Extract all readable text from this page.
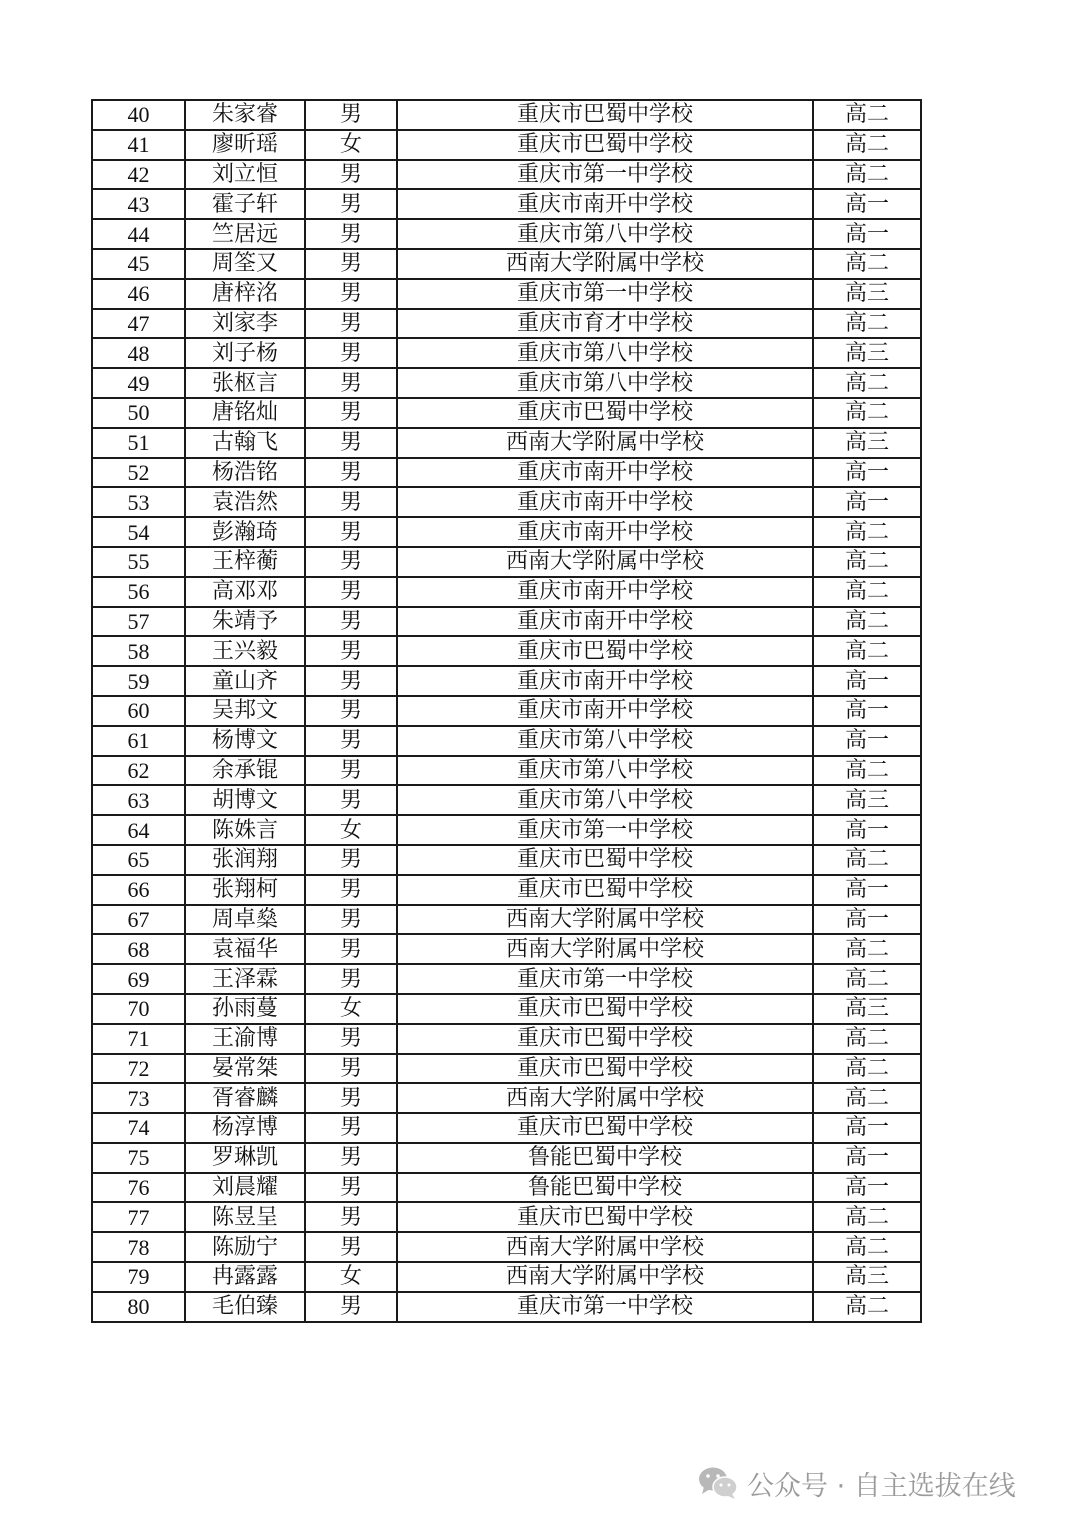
40	朱家睿	男	重庆市巴蜀中学校	高二
41	廖昕瑶	女	重庆市巴蜀中学校	高二
42	刘立恒	男	重庆市第一中学校	高二
43	霍子轩	男	重庆市南开中学校	高一
44	竺居远	男	重庆市第八中学校	高一
45	周筌又	男	西南大学附属中学校	高二
46	唐梓洺	男	重庆市第一中学校	高三
47	刘家李	男	重庆市育才中学校	高二
48	刘子杨	男	重庆市第八中学校	高三
49	张枢言	男	重庆市第八中学校	高二
50	唐铭灿	男	重庆市巴蜀中学校	高二
51	古翰飞	男	西南大学附属中学校	高三
52	杨浩铭	男	重庆市南开中学校	高一
53	袁浩然	男	重庆市南开中学校	高一
54	彭瀚琦	男	重庆市南开中学校	高二
55	王梓蘅	男	西南大学附属中学校	高二
56	高邓邓	男	重庆市南开中学校	高二
57	朱靖予	男	重庆市南开中学校	高二
58	王兴毅	男	重庆市巴蜀中学校	高二
59	童山齐	男	重庆市南开中学校	高一
60	吴邦文	男	重庆市南开中学校	高一
61	杨博文	男	重庆市第八中学校	高一
62	余承锟	男	重庆市第八中学校	高二
63	胡博文	男	重庆市第八中学校	高三
64	陈姝言	女	重庆市第一中学校	高一
65	张润翔	男	重庆市巴蜀中学校	高二
66	张翔柯	男	重庆市巴蜀中学校	高一
67	周卓燊	男	西南大学附属中学校	高一
68	袁福华	男	西南大学附属中学校	高二
69	王泽霖	男	重庆市第一中学校	高二
70	孙雨蔓	女	重庆市巴蜀中学校	高三
71	王渝博	男	重庆市巴蜀中学校	高二
72	晏常桀	男	重庆市巴蜀中学校	高二
73	胥睿麟	男	西南大学附属中学校	高二
74	杨淳博	男	重庆市巴蜀中学校	高一
75	罗琳凯	男	鲁能巴蜀中学校	高一
76	刘晨耀	男	鲁能巴蜀中学校	高一
77	陈昱呈	男	重庆市巴蜀中学校	高二
78	陈励宁	男	西南大学附属中学校	高二
79	冉露露	女	西南大学附属中学校	高三
80	毛伯臻	男	重庆市第一中学校	高二
公众号 · 自主选拔在线
